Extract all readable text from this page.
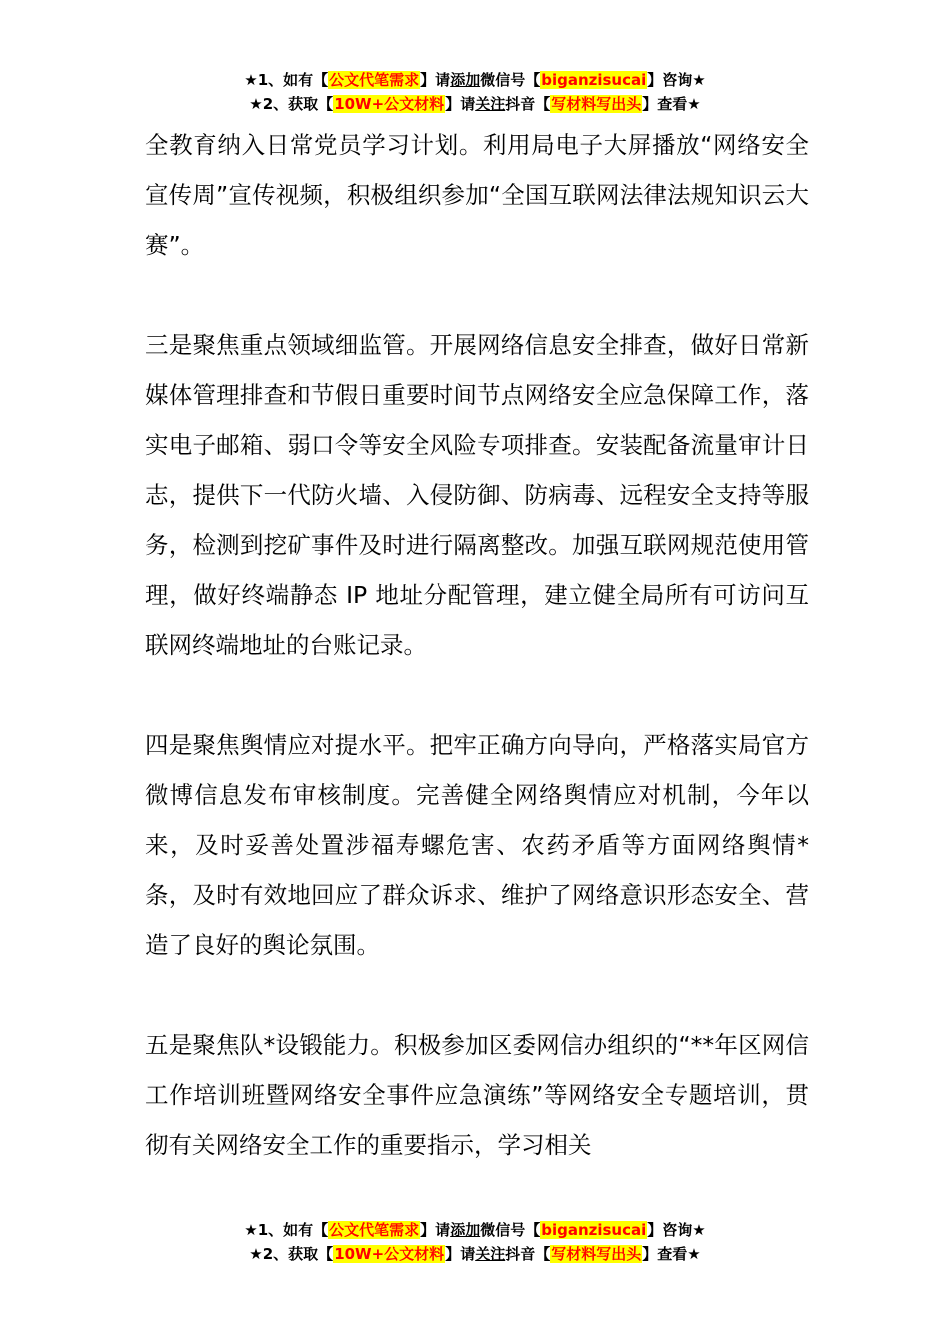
★1、如有【公文代笔需求】请添加微信号【biganzisucai】咨询★
★2、获取【10W+公文材料】请关注抖音【写材料写出头】查看★

全教育纳入日常党员学习计划。利用局电子大屏播放“网络安全宣传周”宣传视频，积极组织参加“全国互联网法律法规知识云大赛”。

三是聚焦重点领域细监管。开展网络信息安全排查，做好日常新媒体管理排查和节假日重要时间节点网络安全应急保障工作，落实电子邮箱、弱口令等安全风险专项排查。安装配备流量审计日志，提供下一代防火墙、入侵防御、防病毒、远程安全支持等服务，检测到挖矿事件及时进行隔离整改。加强互联网规范使用管理，做好终端静态 IP 地址分配管理，建立健全局所有可访问互联网终端地址的台账记录。

四是聚焦舆情应对提水平。把牢正确方向导向，严格落实局官方微博信息发布审核制度。完善健全网络舆情应对机制，今年以来，及时妥善处置涉福寿螺危害、农药矛盾等方面网络舆情*条，及时有效地回应了群众诉求、维护了网络意识形态安全、营造了良好的舆论氛围。

五是聚焦队*设锻能力。积极参加区委网信办组织的“**年区网信工作培训班暨网络安全事件应急演练”等网络安全专题培训，贯彻有关网络安全工作的重要指示，学习相关

★1、如有【公文代笔需求】请添加微信号【biganzisucai】咨询★
★2、获取【10W+公文材料】请关注抖音【写材料写出头】查看★
